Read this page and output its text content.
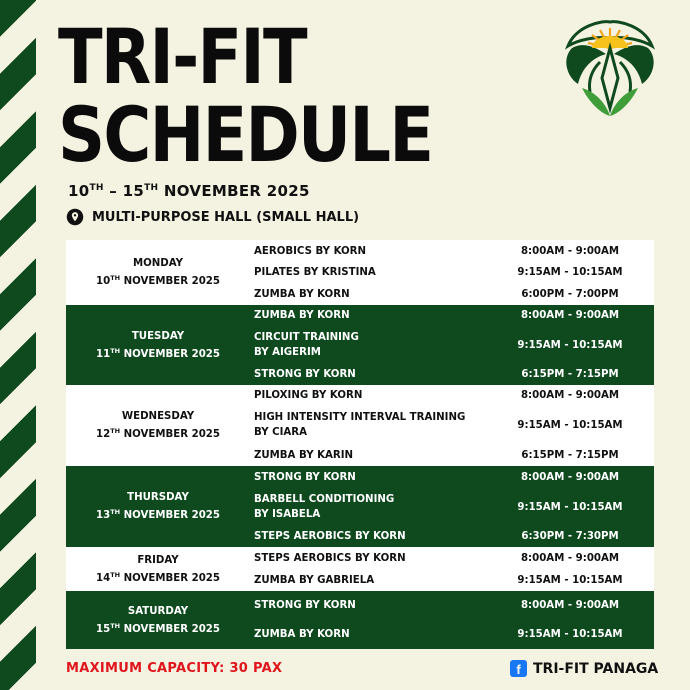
TRI-FIT
SCHEDULE
10TH – 15TH NOVEMBER 2025
MULTI-PURPOSE HALL (SMALL HALL)
MONDAY
10TH NOVEMBER 2025	AEROBICS BY KORN	8:00AM - 9:00AM

	PILATES BY KRISTINA	9:15AM - 10:15AM

	ZUMBA BY KORN	6:00PM - 7:00PM

TUESDAY
11TH NOVEMBER 2025	ZUMBA BY KORN	8:00AM - 9:00AM

	CIRCUIT TRAINING
BY AIGERIM	9:15AM - 10:15AM

	STRONG BY KORN	6:15PM - 7:15PM

WEDNESDAY
12TH NOVEMBER 2025	PILOXING BY KORN	8:00AM - 9:00AM

	HIGH INTENSITY INTERVAL TRAINING
BY CIARA	9:15AM - 10:15AM

	ZUMBA BY KARIN	6:15PM - 7:15PM

THURSDAY
13TH NOVEMBER 2025	STRONG BY KORN	8:00AM - 9:00AM

	BARBELL CONDITIONING
BY ISABELA	9:15AM - 10:15AM

	STEPS AEROBICS BY KORN	6:30PM - 7:30PM

FRIDAY
14TH NOVEMBER 2025	STEPS AEROBICS BY KORN	8:00AM - 9:00AM

	ZUMBA BY GABRIELA	9:15AM - 10:15AM

SATURDAY
15TH NOVEMBER 2025	STRONG BY KORN	8:00AM - 9:00AM

	ZUMBA BY KORN	9:15AM - 10:15AM
MAXIMUM CAPACITY: 30 PAX	f TRI-FIT PANAGA
